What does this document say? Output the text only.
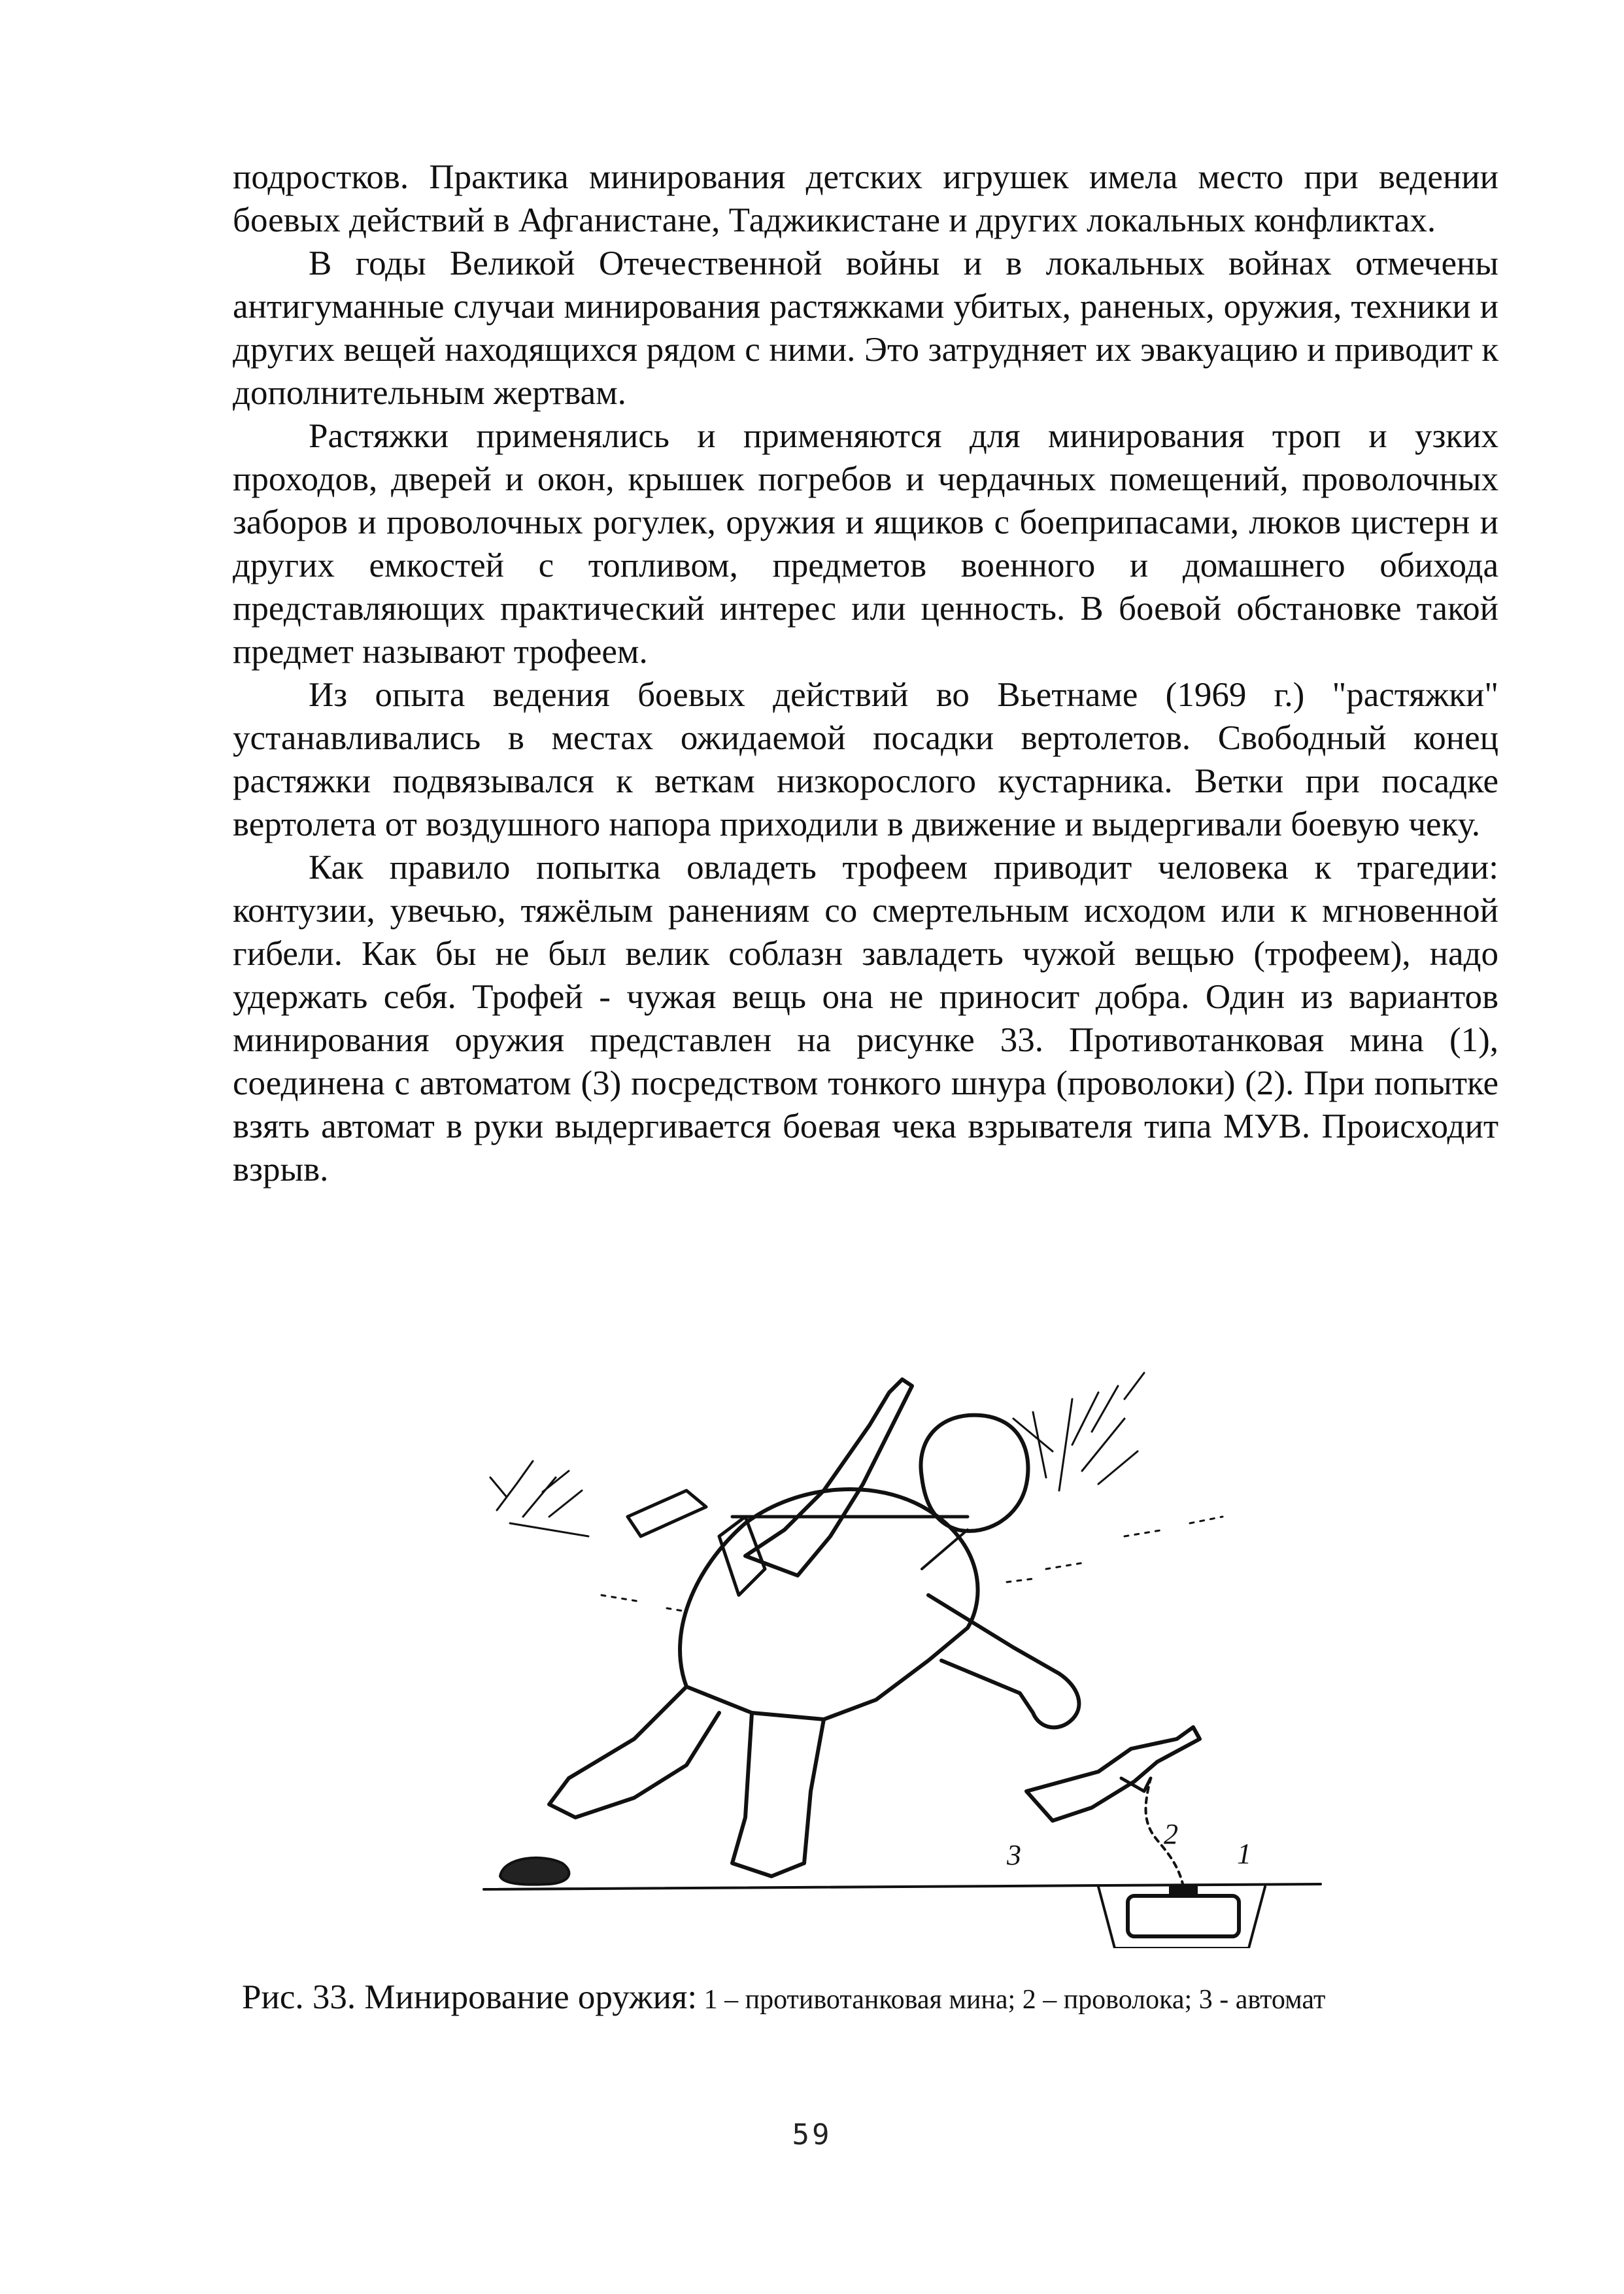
подростков. Практика минирования детских игрушек имела место при ведении боевых действий в Афганистане, Таджикистане и других локальных конфликтах.

В годы Великой Отечественной войны и в локальных войнах отмечены антигуманные случаи минирования растяжками убитых, раненых, оружия, техники и других вещей находящихся рядом с ними. Это затрудняет их эвакуацию и приводит к дополнительным жертвам.

Растяжки применялись и применяются для минирования троп и узких проходов, дверей и окон, крышек погребов и чердачных помещений, проволочных заборов и проволочных рогулек, оружия и ящиков с боеприпасами, люков цистерн и других емкостей с топливом, предметов военного и домашнего обихода представляющих практический интерес или ценность. В боевой обстановке такой предмет называют трофеем.

Из опыта ведения боевых действий во Вьетнаме (1969 г.) "растяжки" устанавливались в местах ожидаемой посадки вертолетов. Свободный конец растяжки подвязывался к веткам низкорослого кустарника. Ветки при посадке вертолета от воздушного напора приходили в движение и выдергивали боевую чеку.

Как правило попытка овладеть трофеем приводит человека к трагедии: контузии, увечью, тяжёлым ранениям со смертельным исходом или к мгновенной гибели. Как бы не был велик соблазн завладеть чужой вещью (трофеем), надо удержать себя. Трофей - чужая вещь она не приносит добра. Один из вариантов минирования оружия представлен на рисунке 33. Противотанковая мина (1), соединена с автоматом (3) посредством тонкого шнура (проволоки) (2). При попытке взять автомат в руки выдергивается боевая чека взрывателя типа МУВ. Происходит взрыв.

1
2
3
Рис. 33. Минирование оружия: 1 – противотанковая мина; 2 – проволока; 3 - автомат
59
